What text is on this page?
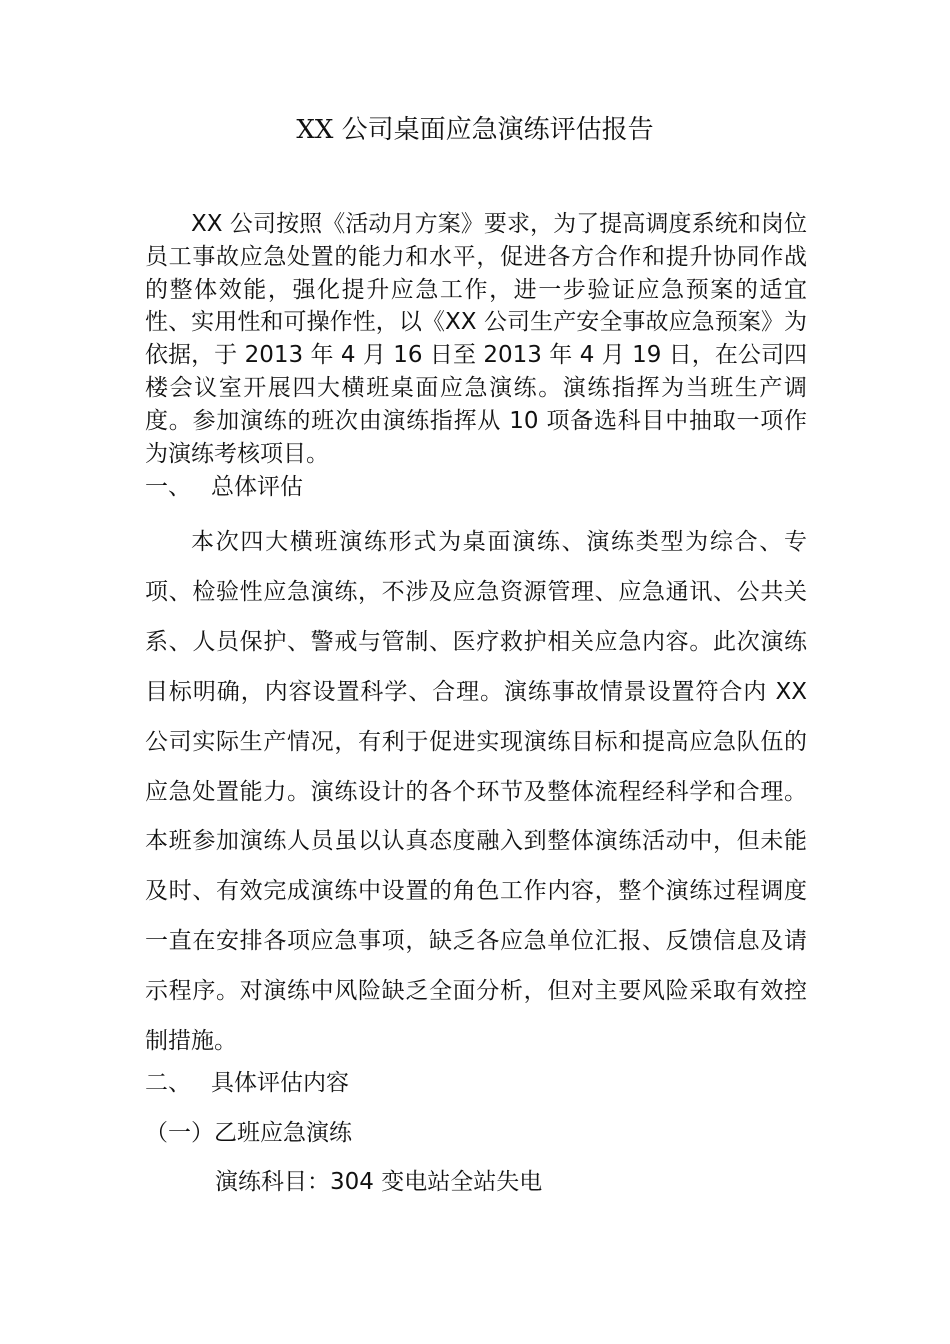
XX 公司桌面应急演练评估报告

XX 公司按照《活动月方案》要求，为了提高调度系统和岗位员工事故应急处置的能力和水平，促进各方合作和提升协同作战的整体效能，强化提升应急工作，进一步验证应急预案的适宜性、实用性和可操作性，以《XX 公司生产安全事故应急预案》为依据，于 2013 年 4 月 16 日至 2013 年 4 月 19 日，在公司四楼会议室开展四大横班桌面应急演练。演练指挥为当班生产调度。参加演练的班次由演练指挥从 10 项备选科目中抽取一项作为演练考核项目。

一、 总体评估

本次四大横班演练形式为桌面演练、演练类型为综合、专项、检验性应急演练，不涉及应急资源管理、应急通讯、公共关系、人员保护、警戒与管制、医疗救护相关应急内容。此次演练目标明确，内容设置科学、合理。演练事故情景设置符合内 XX 公司实际生产情况，有利于促进实现演练目标和提高应急队伍的应急处置能力。演练设计的各个环节及整体流程经科学和合理。本班参加演练人员虽以认真态度融入到整体演练活动中，但未能及时、有效完成演练中设置的角色工作内容，整个演练过程调度一直在安排各项应急事项，缺乏各应急单位汇报、反馈信息及请示程序。对演练中风险缺乏全面分析，但对主要风险采取有效控制措施。

二、 具体评估内容
（一）乙班应急演练
演练科目：304 变电站全站失电
